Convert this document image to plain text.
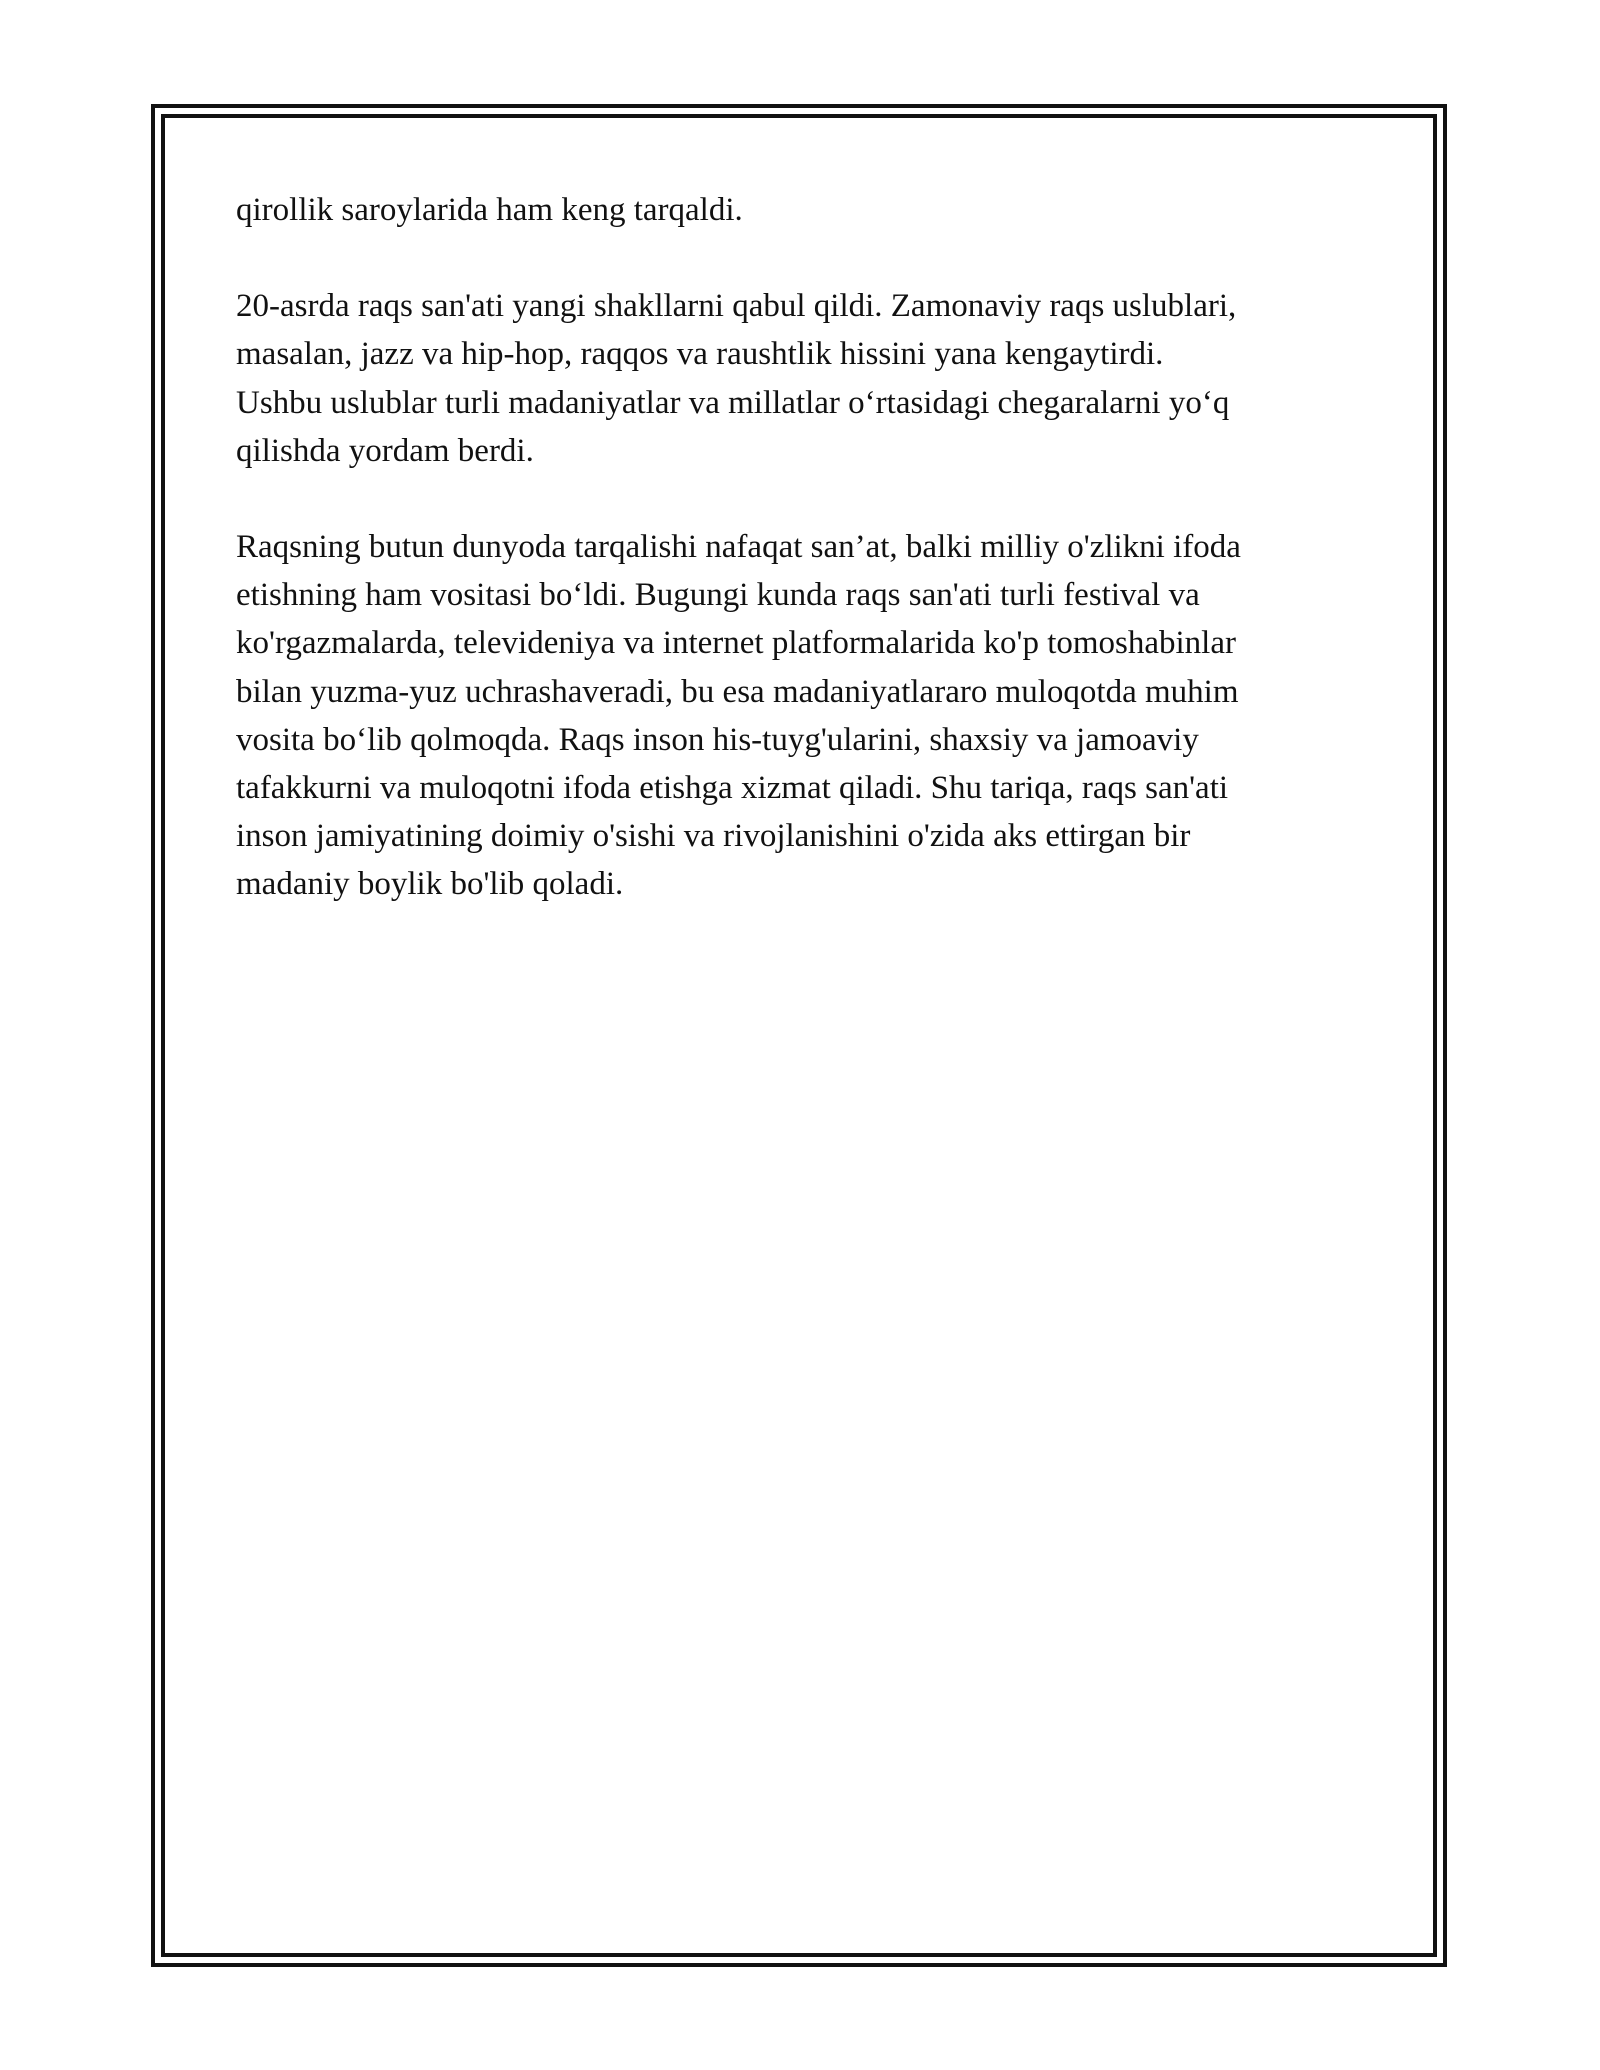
qirollik saroylarida ham keng tarqaldi.

20-asrda raqs san'ati yangi shakllarni qabul qildi. Zamonaviy raqs uslublari,
masalan, jazz va hip-hop, raqqos va raushtlik hissini yana kengaytirdi.
Ushbu uslublar turli madaniyatlar va millatlar o‘rtasidagi chegaralarni yo‘q
qilishda yordam berdi.

Raqsning butun dunyoda tarqalishi nafaqat san’at, balki milliy o'zlikni ifoda
etishning ham vositasi bo‘ldi. Bugungi kunda raqs san'ati turli festival va
ko'rgazmalarda, televideniya va internet platformalarida ko'p tomoshabinlar
bilan yuzma-yuz uchrashaveradi, bu esa madaniyatlararo muloqotda muhim
vosita bo‘lib qolmoqda. Raqs inson his-tuyg'ularini, shaxsiy va jamoaviy
tafakkurni va muloqotni ifoda etishga xizmat qiladi. Shu tariqa, raqs san'ati
inson jamiyatining doimiy o'sishi va rivojlanishini o'zida aks ettirgan bir
madaniy boylik bo'lib qoladi.
